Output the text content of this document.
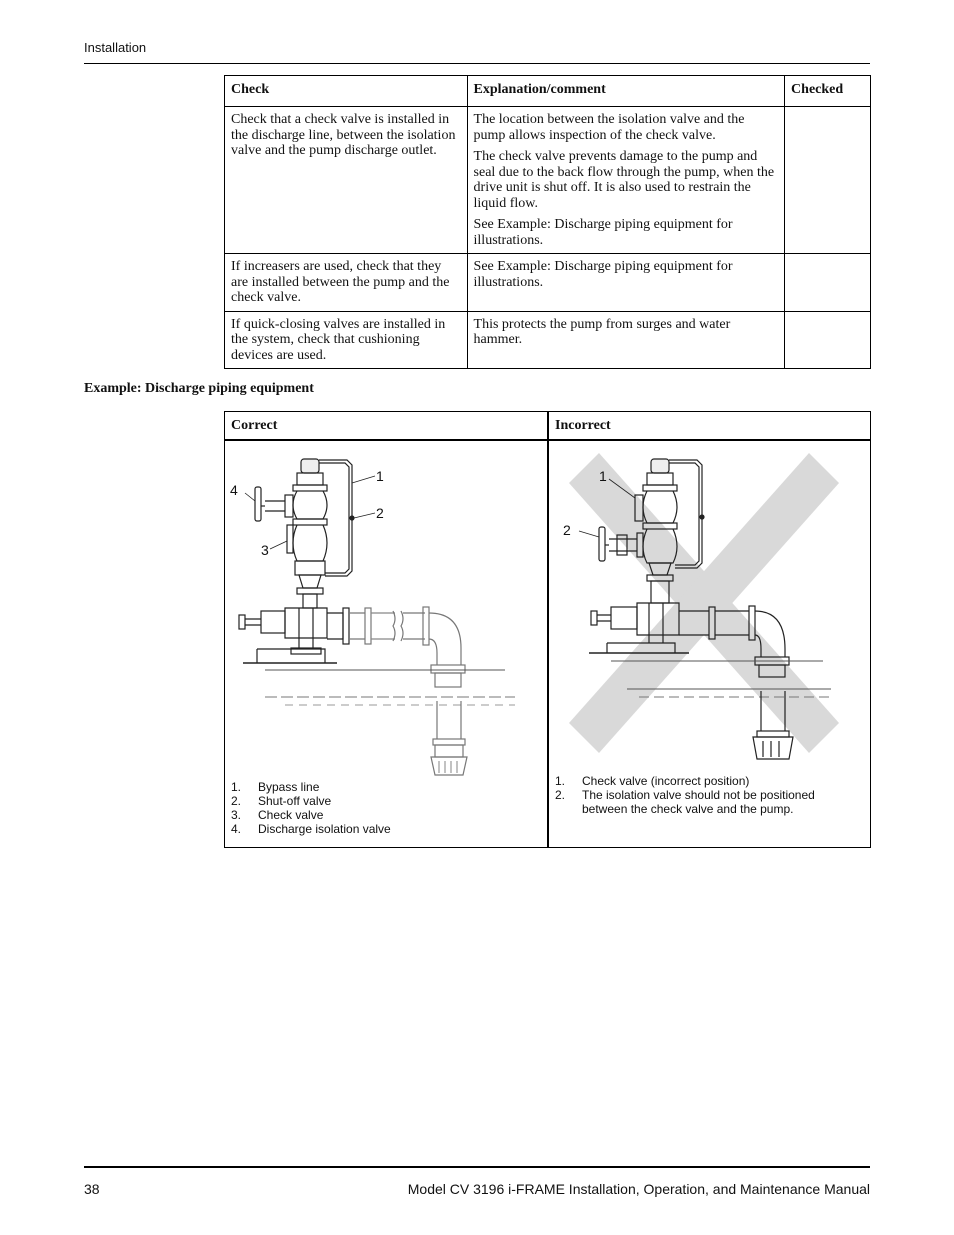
Installation
Check	Explanation/comment	Checked
Check that a check valve is installed in the discharge line, between the isolation valve and the pump discharge outlet.	The location between the isolation valve and the pump allows inspection of the check valve.

The check valve prevents damage to the pump and seal due to the back flow through the pump, when the drive unit is shut off. It is also used to restrain the liquid flow.

See Example: Discharge piping equipment for illustrations.	

If increasers are used, check that they are installed between the pump and the check valve.	See Example: Discharge piping equipment for illustrations.	

If quick-closing valves are installed in the system, check that cushioning devices are used.	This protects the pump from surges and water hammer.	

Example: Discharge piping equipment
Correct
1
2
3
4
1.	Bypass line
2.	Shut-off valve
3.	Check valve
4.	Discharge isolation valve
Incorrect
1
2
1.	Check valve (incorrect position)
2.	The isolation valve should not be positioned between the check valve and the pump.
38	Model CV 3196 i-FRAME Installation, Operation, and Maintenance Manual
